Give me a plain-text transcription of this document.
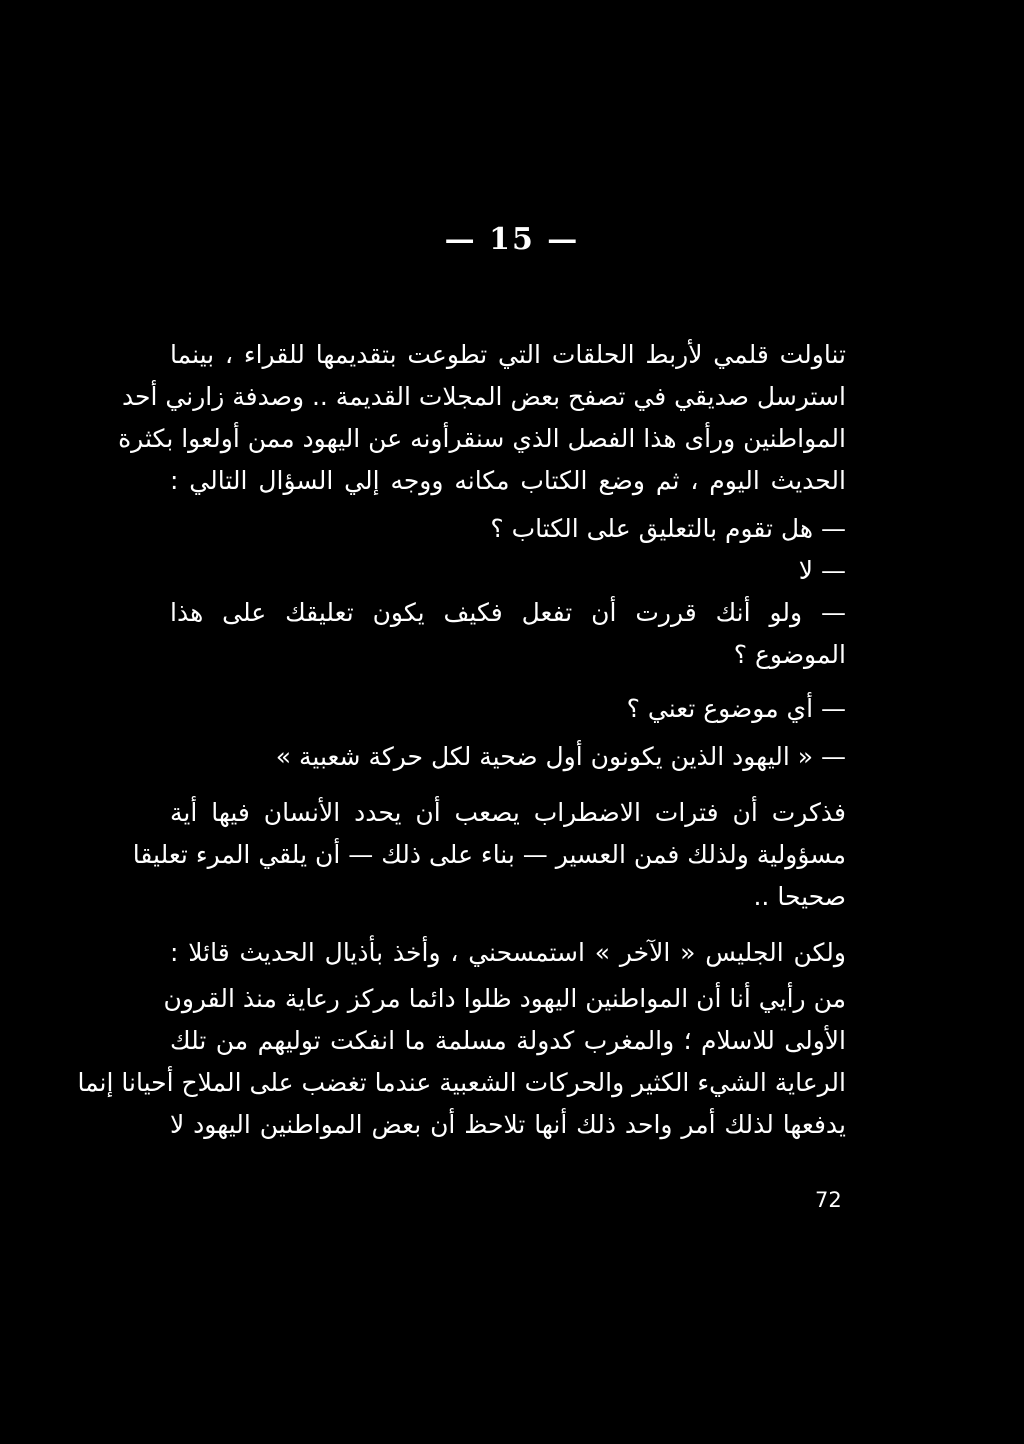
— 15 —
تناولت قلمي لأربط الحلقات التي تطوعت بتقديمها للقراء ، بينما
استرسل صديقي في تصفح بعض المجلات القديمة .. وصدفة زارني أحد
المواطنين ورأى هذا الفصل الذي سنقرأونه عن اليهود ممن أولعوا بكثرة
الحديث اليوم ، ثم وضع الكتاب مكانه ووجه إلي السؤال التالي :
— هل تقوم بالتعليق على الكتاب ؟
— لا
— ولو أنك قررت أن تفعل فكيف يكون تعليقك على هذا
الموضوع ؟
— أي موضوع تعني ؟
— « اليهود الذين يكونون أول ضحية لكل حركة شعبية »
فذكرت أن فترات الاضطراب يصعب أن يحدد الأنسان فيها أية
مسؤولية ولذلك فمن العسير — بناء على ذلك — أن يلقي المرء تعليقا
صحيحا ..
ولكن الجليس « الآخر » استمسحني ، وأخذ بأذيال الحديث قائلا :
من رأيي أنا أن المواطنين اليهود ظلوا دائما مركز رعاية منذ القرون
الأولى للاسلام ؛ والمغرب كدولة مسلمة ما انفكت توليهم من تلك
الرعاية الشيء الكثير والحركات الشعبية عندما تغضب على الملاح أحيانا إنما
يدفعها لذلك أمر واحد ذلك أنها تلاحظ أن بعض المواطنين اليهود لا
72
